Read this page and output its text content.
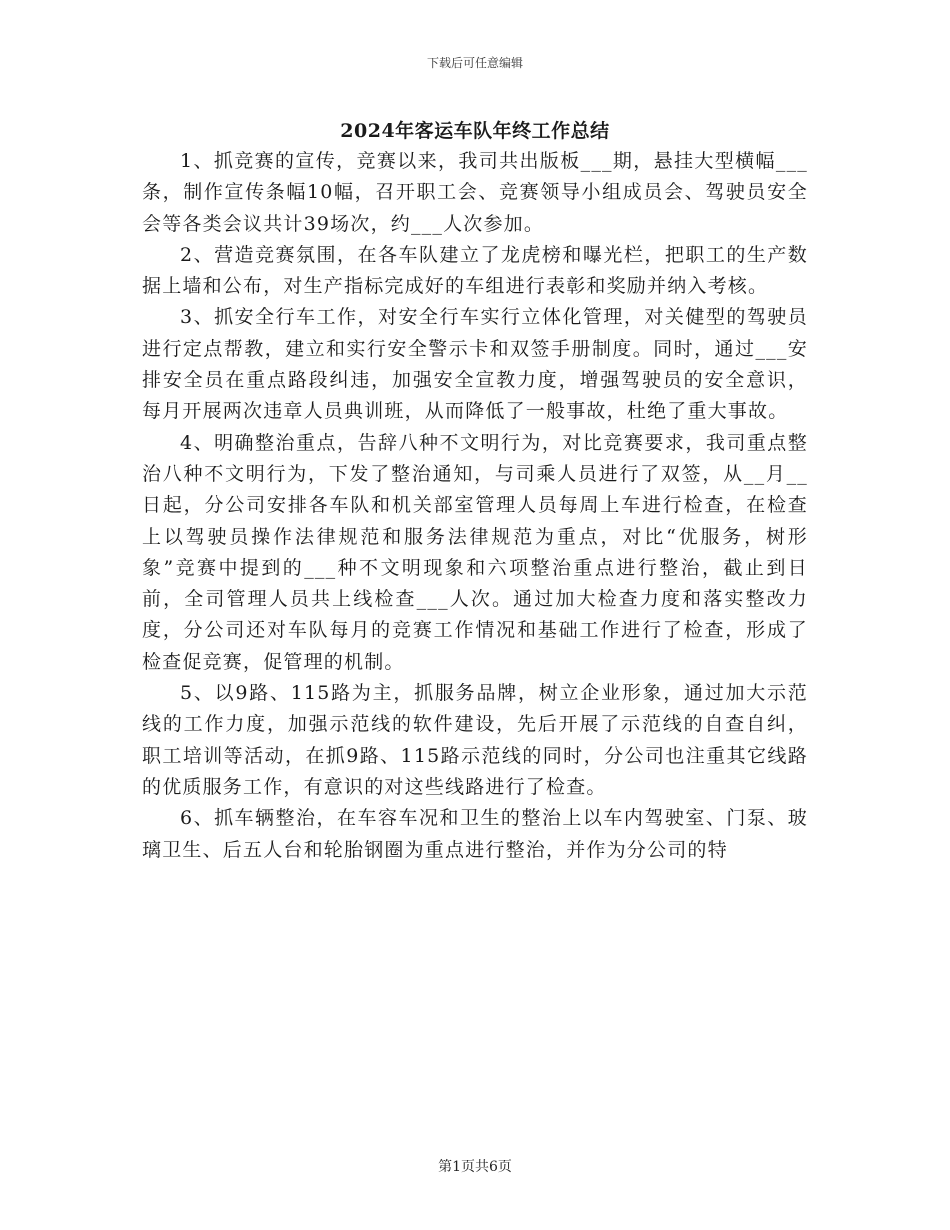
下载后可任意编辑
2024年客运车队年终工作总结

1、抓竞赛的宣传，竞赛以来，我司共出版板___期，悬挂大型横幅___条，制作宣传条幅10幅，召开职工会、竞赛领导小组成员会、驾驶员安全会等各类会议共计39场次，约___人次参加。

2、营造竞赛氛围，在各车队建立了龙虎榜和曝光栏，把职工的生产数据上墙和公布，对生产指标完成好的车组进行表彰和奖励并纳入考核。

3、抓安全行车工作，对安全行车实行立体化管理，对关健型的驾驶员进行定点帮教，建立和实行安全警示卡和双签手册制度。同时，通过___安排安全员在重点路段纠违，加强安全宣教力度，增强驾驶员的安全意识，每月开展两次违章人员典训班，从而降低了一般事故，杜绝了重大事故。

4、明确整治重点，告辞八种不文明行为，对比竞赛要求，我司重点整治八种不文明行为，下发了整治通知，与司乘人员进行了双签，从__月__日起，分公司安排各车队和机关部室管理人员每周上车进行检查，在检查上以驾驶员操作法律规范和服务法律规范为重点，对比“优服务，树形象”竞赛中提到的___种不文明现象和六项整治重点进行整治，截止到日前，全司管理人员共上线检查___人次。通过加大检查力度和落实整改力度，分公司还对车队每月的竞赛工作情况和基础工作进行了检查，形成了检查促竞赛，促管理的机制。

5、以9路、115路为主，抓服务品牌，树立企业形象，通过加大示范线的工作力度，加强示范线的软件建设，先后开展了示范线的自查自纠，职工培训等活动，在抓9路、115路示范线的同时，分公司也注重其它线路的优质服务工作，有意识的对这些线路进行了检查。

6、抓车辆整治，在车容车况和卫生的整治上以车内驾驶室、门泵、玻璃卫生、后五人台和轮胎钢圈为重点进行整治，并作为分公司的特

第1页共6页
